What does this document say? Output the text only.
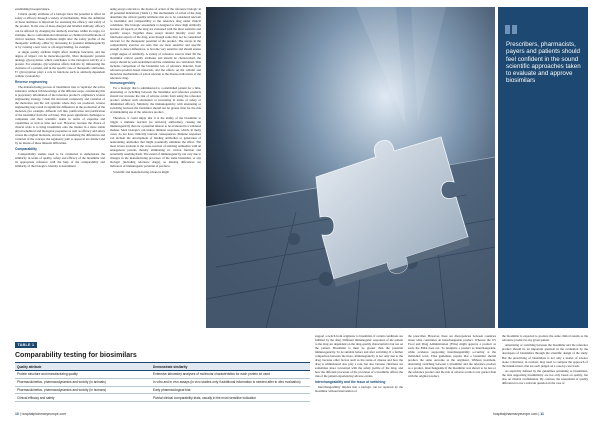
establishing bioequivalence.

Critical quality attributes of a biologic have the potential to affect its safety or efficacy through a variety of mechanisms. Thus, the definition of these attributes is important for assessing the efficacy and safety of the product. In the case of mass-charged and labelled antibody, efficacy can be affected by changing the antibody structure within its target, for example, due to conformational alterations or chemical modifications of critical residues. These attributes might alter the safety profile of the therapeutic antibody, either by increasing its potential immunogenicity or by creating a new toxic or off-target binding, for example.

A single quality attribute might affect multiple functions, and the degree of impact can be molecule-specific. Most therapeutic proteins undergo glycosylation, which contributes to the biological activity of a protein. For example, glycosylation affects half-life by influencing the clearance of a protein, and in the specific case of therapeutic antibodies, Fc glycosylation plays a role in functions such as antibody-dependent cellular cytotoxicity.

Reverse engineering

The manufacturing process of biosimilars tries to 'replicate' the active substance without full knowledge of the different steps, considering this is proprietary information of the reference product's originator's reverse engineering strategy. Given the structural complexity and variation of the molecules and the cell systems where they are produced, reverse engineering may result in significant differences in the production of the molecule (for example, different cell line, purification and purification of the biosimilar from the cell line). This poses significant challenges to companies and their scientific teams in terms of expertise and capabilities as well as time and cost. However, because the choice of clinical trials is to bring biosimilars onto the market in a more stable physicochemical and biological properties as well as efficacy and safety versus the original molecule, and not on considering the differences and variation of the concept, the regulatory path to approval are distinct and by no means of these inherent difficulties.

Comparability

Comparability studies need to be conducted to demonstrate the similarity in terms of quality, safety and efficacy of the biosimilar and its appropriate reference with the help of the comparability and similarity of the biologics. Identity is determined

using assays relevant to the modes of action of the reference biologic in all potential indications (Table 1). The mechanisms of action of the drug determine the critical quality attributes that are to be considered relevant to biosimilar and comparability to the reference drug under clinical conditions. The biologic assessment is designed to show high similarity because all aspects of the drug are evaluated with the most sensitive and specific assays. Together these assays should literally cover the functional aspects of the drug, even though some may not be considered relevant for the therapeutic potential of the product. The assays in the comparability exercise are tests that are most sensitive and specific enough to detect differences, to become very sensitive and should ensure a high degree of similarity. A variety of reference sources must fill the biosimilar critical quality attributes and should be characterised, the assays should be well established and the candidates are considered. This includes comparison of the biosimilar lots of reference material, from reference-product-based materials, and the effects on the cellular and molecular mechanisms of action relevant to the disease indications of the reference drug.

Immunogenicity

For a biologic that is administered to a established patient for a time, alternating or switching between the biosimilar and reference products should not increase the risk of adverse events from using the reference product without such alternation or increasing in terms of safety or diminished efficacy. Similarly, the immunogenicity with alternating or switching between the biosimilar should not be greater than for the risk of maintaining use of the reference product.

Therefore, it could imply that it is the ability of the biosimilar to trigger a immune reaction (as anti-drug antibodies), causing the immunogenicity that are a potential interest to be evaluated in a validated manner. Most biologics can induce immune responses, which, in many cases, do not have clinically relevant consequences. Immune responses can include the development of binding antibodies or generation of neutralizing antibodies that might potentially eliminate the effect. The most severe scenario is the cross-reaction of antidrug antibodies with an endogenous protein, thereby eliminating its critical function and potentially resulting harm. The extent of immunogenicity can vary due to changes in the manufacturing processes of the same biosimilar, or any biologic (including reference drugs), so missing differences are indicators of immunogenic potential of products.

Scientific and manufacturing advances might

Prescribers, pharmacists, payers and patients should feel confident in the sound scientific approaches taken to evaluate and approve biosimilars
TABLE 1
Comparability testing for biosimilars
Quality attribute	Demonstrate similarity
Protein structure and manufacturing quality	Extensive laboratory analyses of molecular characteristics for each protein lot used
Pharmacokinetics, pharmacodynamics and toxicity (in animals)	In vitro and in vivo assays (in vivo studies only if additional information is needed after in vitro evaluation)
Pharmacokinetics, pharmacodynamics and toxicity (in humans)	Early pharmacological trial
Clinical efficacy and safety	Pivotal clinical comparability trials, usually in the most sensitive indication

support a switch from originator to biosimilar, if certain conditions are fulfilled by the drug. Different immunogenic responses of the patient to the drug are dependent on the drug-quality characteristics but not on the patient. Biosimilar is must be greater than the potential immunogenicity. To be suitable before and after switching. If a further comparison between the more, immunogenicity is not only due to the drug, because other factors such as the status of disease and how the drug is administered also play a role, but also because clinicians are sometimes more concerned with the safety profile of the drug, and how the different processes of the provision of a biosimilar affects the risk of the patient experiencing adverse events.

Interchangeability and the issue of switching

Interchangeability implies that a biologic can be replaced by the biosimilar without intervention of

the prescriber. However, there are discrepancies between countries about what constitutes an interchangeable product. Whereas the US Food and Drug Administration (FDA) might approve a product as such, the EMA does not. To designate a product as interchangeable, while evidence supporting interchangeability occurring at the individual level, FDA guidelines require that a biosimilar should produce the same outcome as the originator. Without treatment, alternating switching between a biosimilar and the reference product as a product, interchangeable if the biosimilar was shown to be less or the reference product and the risk of adverse events is not greater than with the original product.

the biosimilar is expected to produce the same clinical results as the reference product in any given patient.

Alternating or switching between the biosimilar and the reference product should be an important question in the evaluation by the developers of biosimilars through the scientific design of the study. But the prescribing of biosimilars is not only a matter of science alone. Clinicians, in contrast, may need to compare the approach of the manufacturer, that are each judged on a case-by-case basis.

As explicitly defined by the guidelines pertaining to biosimilars, the data supporting biosimilarity are not only based on quality, but also on clinical confirmation. By contrast, the assessment of quality differences is not a relevant question in the case of

10 | hospitalpharmacyeurope.com	hospitalpharmacyeurope.com | 11
